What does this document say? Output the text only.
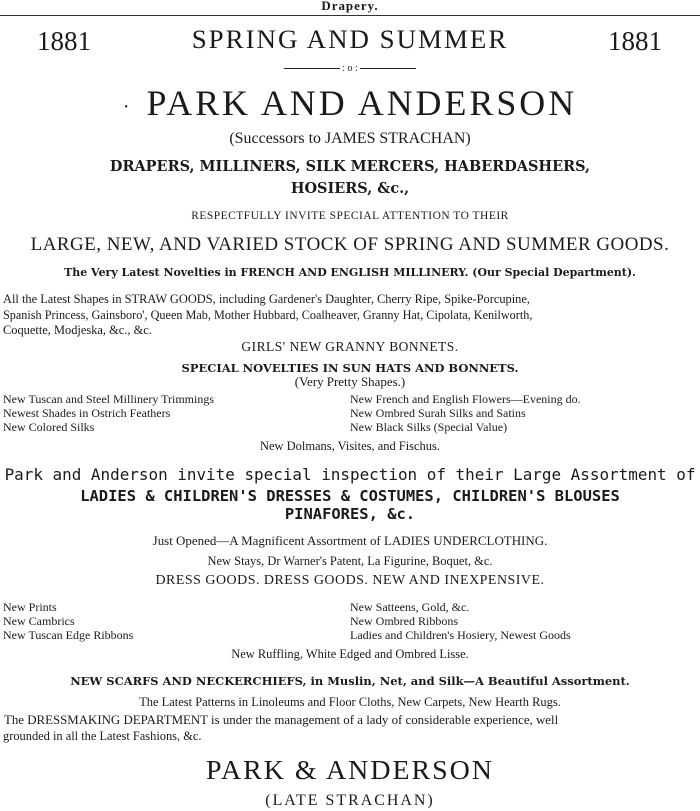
Drapery.
1881	SPRING AND SUMMER	1881
: o :
· PARK AND ANDERSON
(Successors to JAMES STRACHAN)
DRAPERS, MILLINERS, SILK MERCERS, HABERDASHERS,
HOSIERS, &c.,
RESPECTFULLY INVITE SPECIAL ATTENTION TO THEIR
LARGE, NEW, AND VARIED STOCK OF SPRING AND SUMMER GOODS.
The Very Latest Novelties in FRENCH AND ENGLISH MILLINERY. (Our Special Department).
All the Latest Shapes in STRAW GOODS, including Gardener's Daughter, Cherry Ripe, Spike-Porcupine,
Spanish Princess, Gainsboro', Queen Mab, Mother Hubbard, Coalheaver, Granny Hat, Cipolata, Kenilworth,
Coquette, Modjeska, &c., &c.
GIRLS' NEW GRANNY BONNETS.
SPECIAL NOVELTIES IN SUN HATS AND BONNETS.
(Very Pretty Shapes.)
New Tuscan and Steel Millinery Trimmings
Newest Shades in Ostrich Feathers
New Colored Silks
New French and English Flowers—Evening do.
New Ombred Surah Silks and Satins
New Black Silks (Special Value)
New Dolmans, Visites, and Fischus.
Park and Anderson invite special inspection of their Large Assortment of
LADIES & CHILDREN'S DRESSES & COSTUMES, CHILDREN'S BLOUSES
PINAFORES, &c.
Just Opened—A Magnificent Assortment of LADIES UNDERCLOTHING.
New Stays, Dr Warner's Patent, La Figurine, Boquet, &c.
DRESS GOODS. DRESS GOODS. NEW AND INEXPENSIVE.
New Prints
New Cambrics
New Tuscan Edge Ribbons
New Satteens, Gold, &c.
New Ombred Ribbons
Ladies and Children's Hosiery, Newest Goods
New Ruffling, White Edged and Ombred Lisse.
NEW SCARFS AND NECKERCHIEFS, in Muslin, Net, and Silk—A Beautiful Assortment.
The Latest Patterns in Linoleums and Floor Cloths, New Carpets, New Hearth Rugs.
The DRESSMAKING DEPARTMENT is under the management of a lady of considerable experience, well
grounded in all the Latest Fashions, &c.
PARK & ANDERSON
(LATE STRACHAN)
